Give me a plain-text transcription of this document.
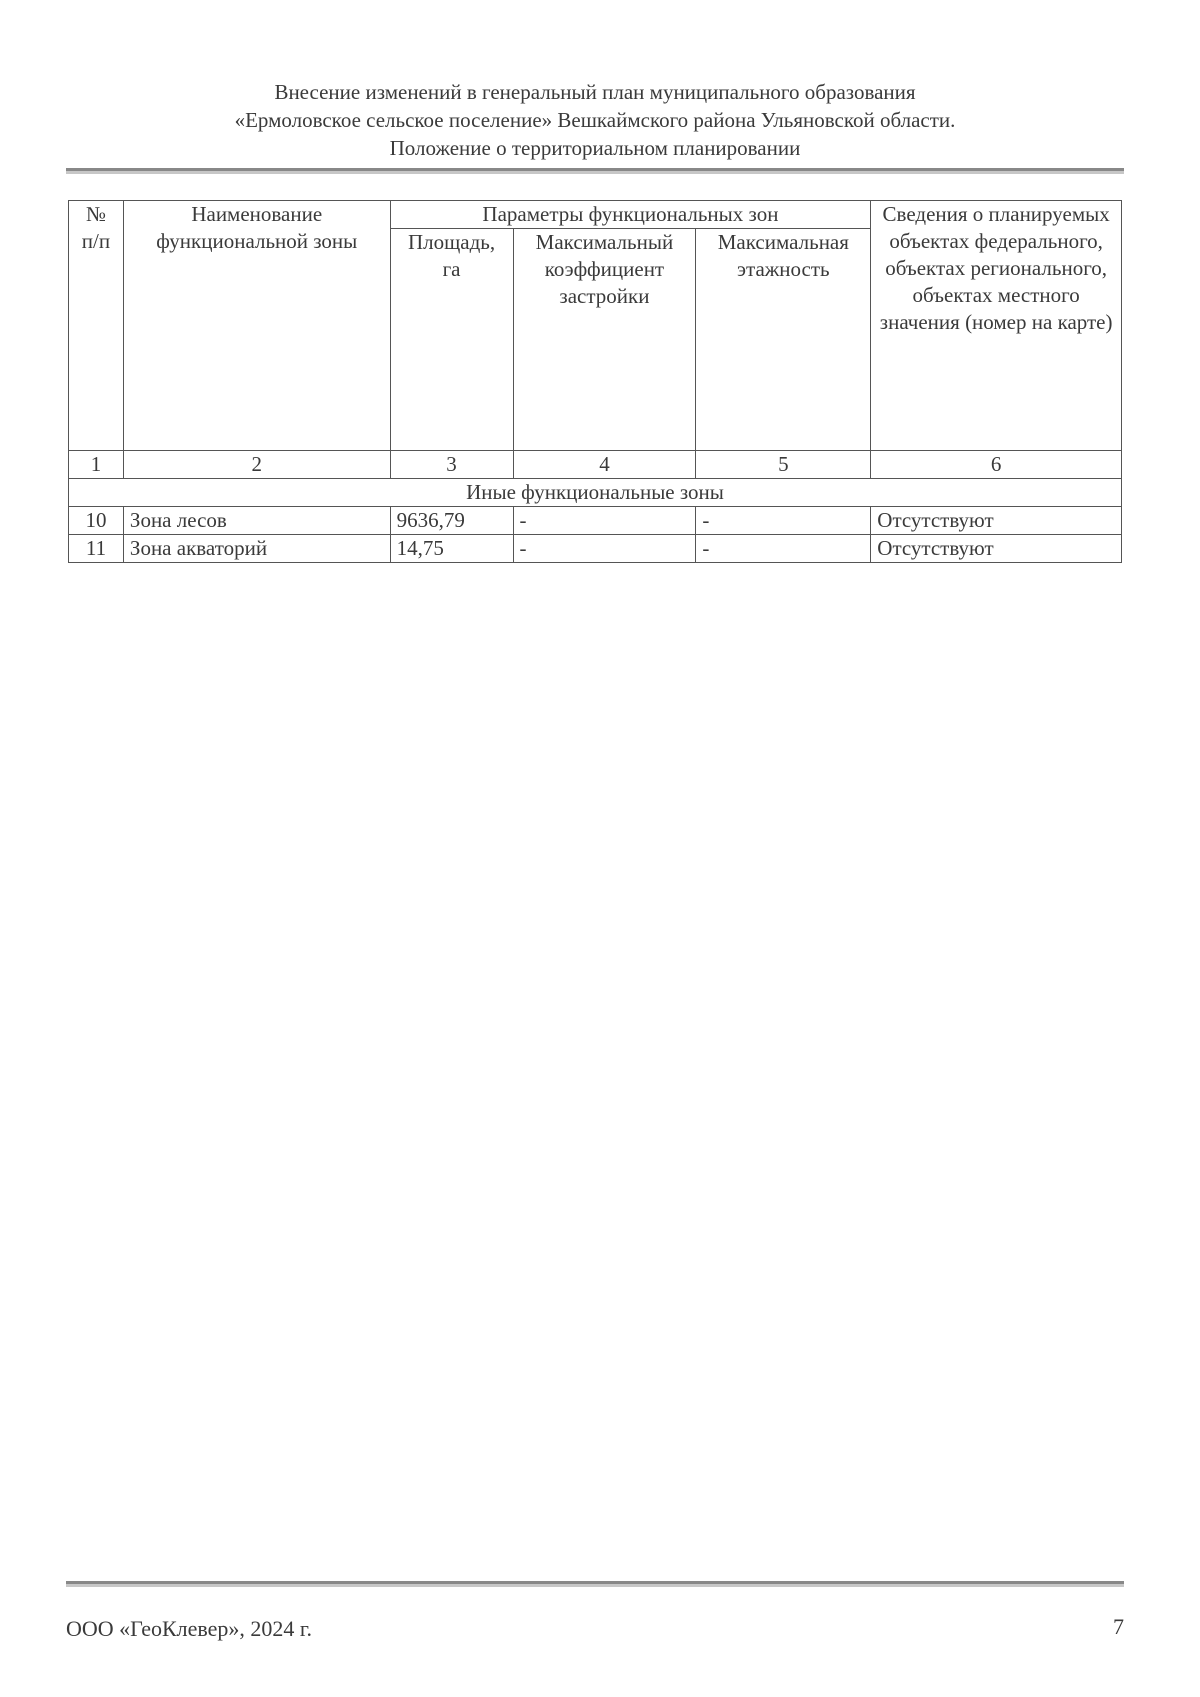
Внесение изменений в генеральный план муниципального образования
«Ермоловское сельское поселение» Вешкаймского района Ульяновской области.
Положение о территориальном планировании
№ п/п	Наименование функциональной зоны	Параметры функциональных зон			Сведения о планируемых объектах федерального, объектах регионального, объектах местного значения (номер на карте)
		Площадь, га	Максимальный коэффициент застройки	Максимальная этажность	
1	2	3	4	5	6
Иные функциональные зоны					
10	Зона лесов	9636,79	-	-	Отсутствуют
11	Зона акваторий	14,75	-	-	Отсутствуют
ООО «ГеоКлевер», 2024 г.	7
